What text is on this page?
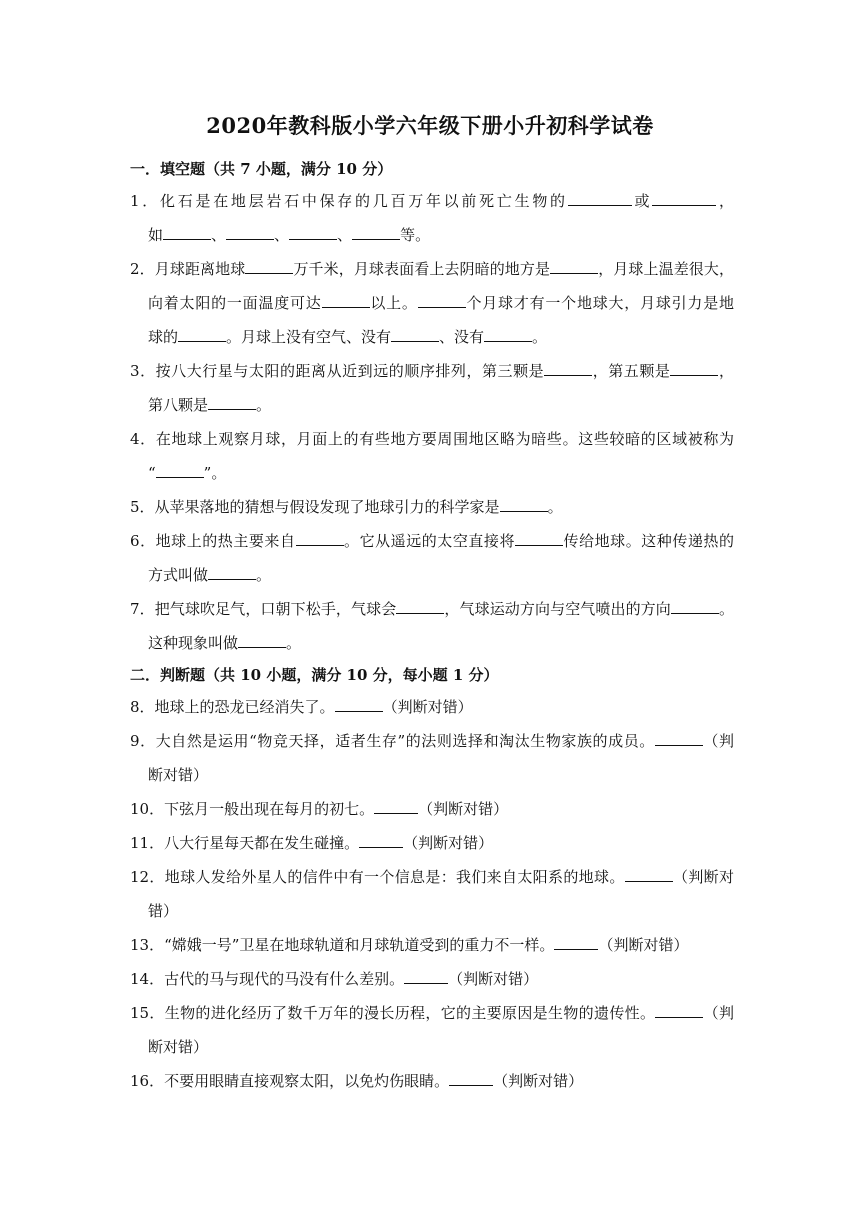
2020年教科版小学六年级下册小升初科学试卷
一．填空题（共 7 小题，满分 10 分）
1．化石是在地层岩石中保存的几百万年以前死亡生物的	或	，
如	、	、	、	等。
2．月球距离地球	万千米，月球表面看上去阴暗的地方是	，月球上温差很大，
向着太阳的一面温度可达	以上。	个月球才有一个地球大，月球引力是地
球的	。月球上没有空气、没有	、没有	。
3．按八大行星与太阳的距离从近到远的顺序排列，第三颗是	，第五颗是	，
第八颗是	。
4．在地球上观察月球，月面上的有些地方要周围地区略为暗些。这些较暗的区域被称为
“	”。
5．从苹果落地的猜想与假设发现了地球引力的科学家是	。
6．地球上的热主要来自	。它从遥远的太空直接将	传给地球。这种传递热的
方式叫做	。
7．把气球吹足气，口朝下松手，气球会	，气球运动方向与空气喷出的方向	。
这种现象叫做	。
二．判断题（共 10 小题，满分 10 分，每小题 1 分）
8．地球上的恐龙已经消失了。	（判断对错）
9．大自然是运用“物竞天择，适者生存”的法则选择和淘汰生物家族的成员。	（判
断对错）
10．下弦月一般出现在每月的初七。	（判断对错）
11．八大行星每天都在发生碰撞。	（判断对错）
12．地球人发给外星人的信件中有一个信息是：我们来自太阳系的地球。	（判断对
错）
13．“嫦娥一号”卫星在地球轨道和月球轨道受到的重力不一样。	（判断对错）
14．古代的马与现代的马没有什么差别。	（判断对错）
15．生物的进化经历了数千万年的漫长历程，它的主要原因是生物的遗传性。	（判
断对错）
16．不要用眼睛直接观察太阳，以免灼伤眼睛。	（判断对错）
